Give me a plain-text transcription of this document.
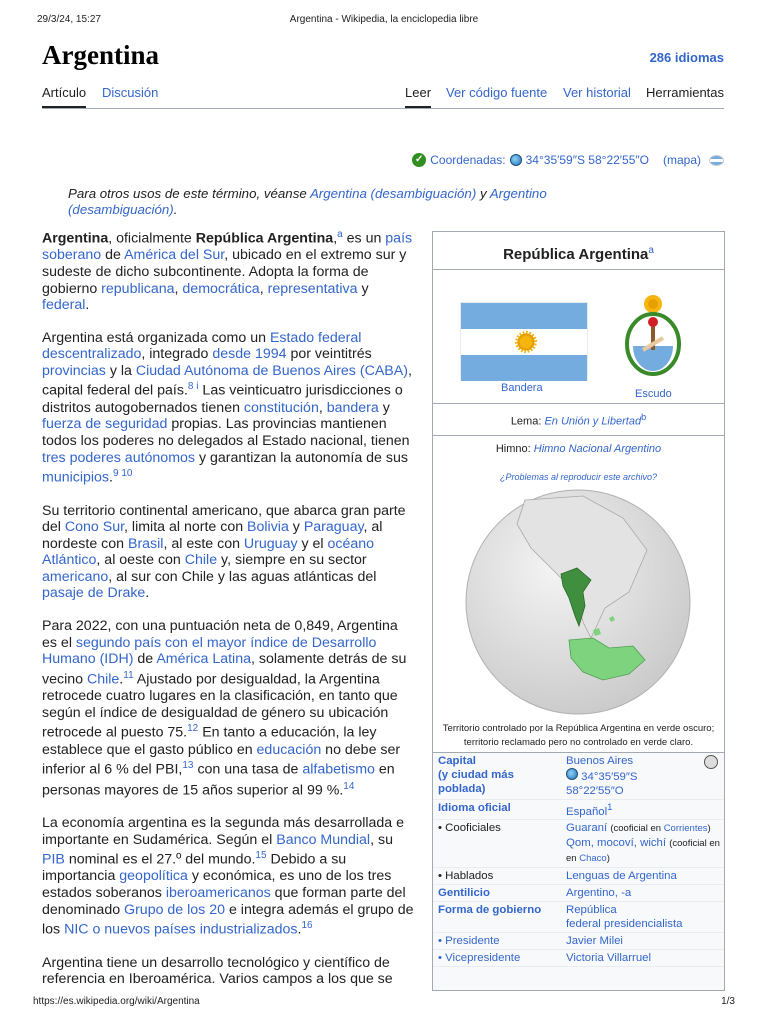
29/3/24, 15:27	Argentina - Wikipedia, la enciclopedia libre
Argentina	286 idiomas
Artículo Discusión	Leer Ver código fuente Ver historial Herramientas
✓ Coordenadas: 34°35′59″S 58°22′55″O (mapa)
Para otros usos de este término, véanse Argentina (desambiguación) y Argentino (desambiguación).

Argentina, oficialmente República Argentina,$^a$ es un país soberano de América del Sur, ubicado en el extremo sur y sudeste de dicho subcontinente. Adopta la forma de gobierno republicana, democrática, representativa y federal.

Argentina está organizada como un Estado federal descentralizado, integrado desde 1994 por veintitrés provincias y la Ciudad Autónoma de Buenos Aires (CABA), capital federal del país.$^{8 i}$ Las veinticuatro jurisdicciones o distritos autogobernados tienen constitución, bandera y fuerza de seguridad propias. Las provincias mantienen todos los poderes no delegados al Estado nacional, tienen tres poderes autónomos y garantizan la autonomía de sus municipios.$^{9 10}$

Su territorio continental americano, que abarca gran parte del Cono Sur, limita al norte con Bolivia y Paraguay, al nordeste con Brasil, al este con Uruguay y el océano Atlántico, al oeste con Chile y, siempre en su sector americano, al sur con Chile y las aguas atlánticas del pasaje de Drake.

Para 2022, con una puntuación neta de 0,849, Argentina es el segundo país con el mayor índice de Desarrollo Humano (IDH) de América Latina, solamente detrás de su vecino Chile.$^{11}$ Ajustado por desigualdad, la Argentina retrocede cuatro lugares en la clasificación, en tanto que según el índice de desigualdad de género su ubicación retrocede al puesto 75.12 En tanto a educación, la ley establece que el gasto público en educación no debe ser inferior al 6 % del PBI,$^{13}$ con una tasa de alfabetismo en personas mayores de 15 años superior al 99 %.$^{14}$

La economía argentina es la segunda más desarrollada e importante en Sudamérica. Según el Banco Mundial, su PIB nominal es el 27.º del mundo.$^{15}$ Debido a su importancia geopolítica y económica, es uno de los tres estados soberanos iberoamericanos que forman parte del denominado Grupo de los 20 e integra además el grupo de los NIC o nuevos países industrializados.$^{16}$

Argentina tiene un desarrollo tecnológico y científico de referencia en Iberoamérica. Varios campos a los que se

República Argentina$^a$
Bandera	Escudo
Lema: En Unión y Libertad$^b$
Himno: Himno Nacional Argentino
¿Problemas al reproducir este archivo?
Territorio controlado por la República Argentina en verde oscuro;
territorio reclamado pero no controlado en verde claro.
Capital
(y ciudad más poblada)	Buenos Aires
34°35′59″S
58°22′55″O

Idioma oficial	Español$^1$
• Cooficiales	Guaraní (cooficial en Corrientes)
Qom, mocoví, wichí (cooficial en
en Chaco)
• Hablados	Lenguas de Argentina
Gentilicio	Argentino, -a
Forma de gobierno	República
federal presidencialista
• Presidente	Javier Milei
• Vicepresidente	Victoria Villarruel
https://es.wikipedia.org/wiki/Argentina	1/3
